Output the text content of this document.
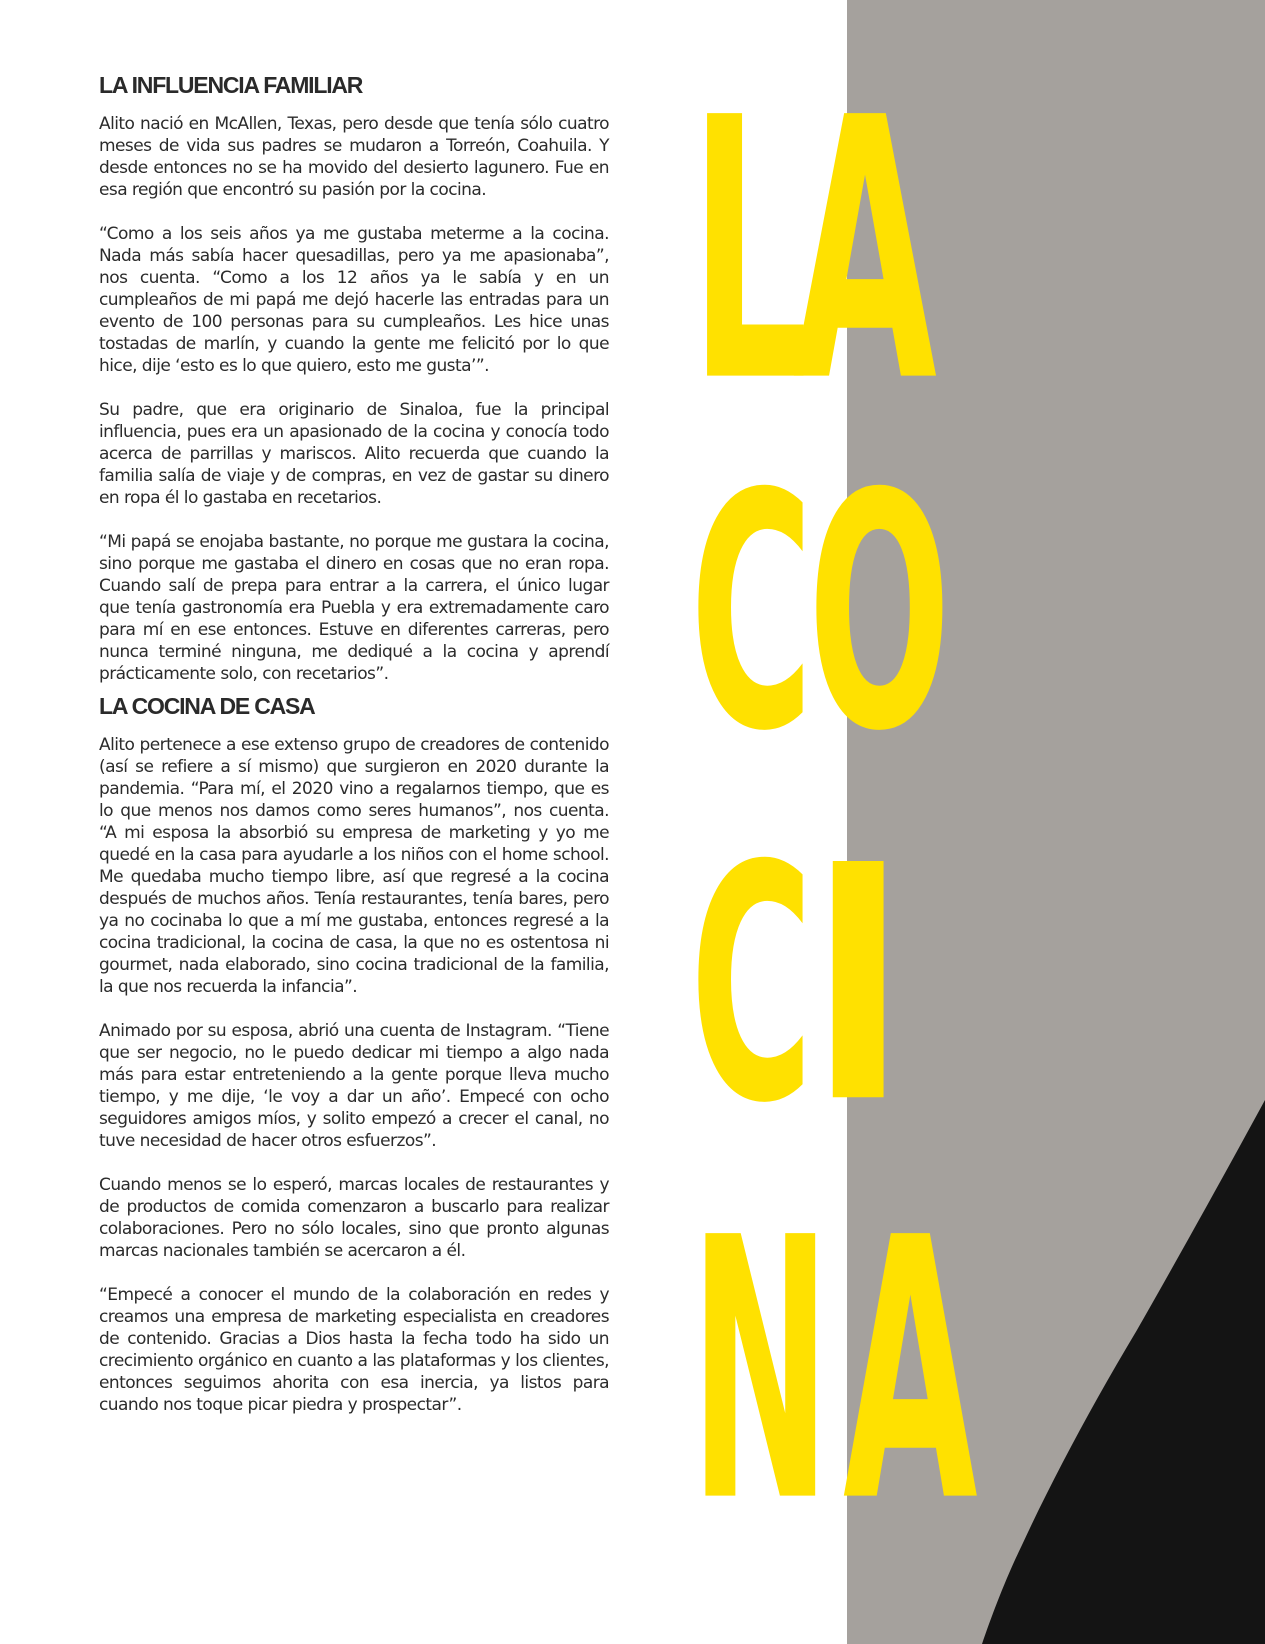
LA INFLUENCIA FAMILIAR

Alito nació en McAllen, Texas, pero desde que tenía sólo cuatro meses de vida sus padres se mudaron a Torreón, Coahuila. Y desde entonces no se ha movido del desierto lagunero. Fue en esa región que encontró su pasión por la cocina.

“Como a los seis años ya me gustaba meterme a la cocina. Nada más sabía hacer quesadillas, pero ya me apasionaba”, nos cuenta. “Como a los 12 años ya le sabía y en un cumpleaños de mi papá me dejó hacerle las entradas para un evento de 100 personas para su cumpleaños. Les hice unas tostadas de marlín, y cuando la gente me felicitó por lo que hice, dije ‘esto es lo que quiero, esto me gusta’”.

Su padre, que era originario de Sinaloa, fue la principal influencia, pues era un apasionado de la cocina y conocía todo acerca de parrillas y mariscos. Alito recuerda que cuando la familia salía de viaje y de compras, en vez de gastar su dinero en ropa él lo gastaba en recetarios.

“Mi papá se enojaba bastante, no porque me gustara la cocina, sino porque me gastaba el dinero en cosas que no eran ropa. Cuando salí de prepa para entrar a la carrera, el único lugar que tenía gastronomía era Puebla y era extremadamente caro para mí en ese entonces. Estuve en diferentes carreras, pero nunca terminé ninguna, me dediqué a la cocina y aprendí prácticamente solo, con recetarios”.

LA COCINA DE CASA

Alito pertenece a ese extenso grupo de creadores de contenido (así se refiere a sí mismo) que surgieron en 2020 durante la pandemia. “Para mí, el 2020 vino a regalarnos tiempo, que es lo que menos nos damos como seres humanos”, nos cuenta. “A mi esposa la absorbió su empresa de marketing y yo me quedé en la casa para ayudarle a los niños con el home school. Me quedaba mucho tiempo libre, así que regresé a la cocina después de muchos años. Tenía restaurantes, tenía bares, pero ya no cocinaba lo que a mí me gustaba, entonces regresé a la cocina tradicional, la cocina de casa, la que no es ostentosa ni gourmet, nada elaborado, sino cocina tradicional de la familia, la que nos recuerda la infancia”.

Animado por su esposa, abrió una cuenta de Instagram. “Tiene que ser negocio, no le puedo dedicar mi tiempo a algo nada más para estar entreteniendo a la gente porque lleva mucho tiempo, y me dije, ‘le voy a dar un año’. Empecé con ocho seguidores amigos míos, y solito empezó a crecer el canal, no tuve necesidad de hacer otros esfuerzos”.

Cuando menos se lo esperó, marcas locales de restaurantes y de productos de comida comenzaron a buscarlo para realizar colaboraciones. Pero no sólo locales, sino que pronto algunas marcas nacionales también se acercaron a él.

“Empecé a conocer el mundo de la colaboración en redes y creamos una empresa de marketing especialista en creadores de contenido. Gracias a Dios hasta la fecha todo ha sido un crecimiento orgánico en cuanto a las plataformas y los clientes, entonces seguimos ahorita con esa inercia, ya listos para cuando nos toque picar piedra y prospectar”.

L
A
C
O
C
I
N A
